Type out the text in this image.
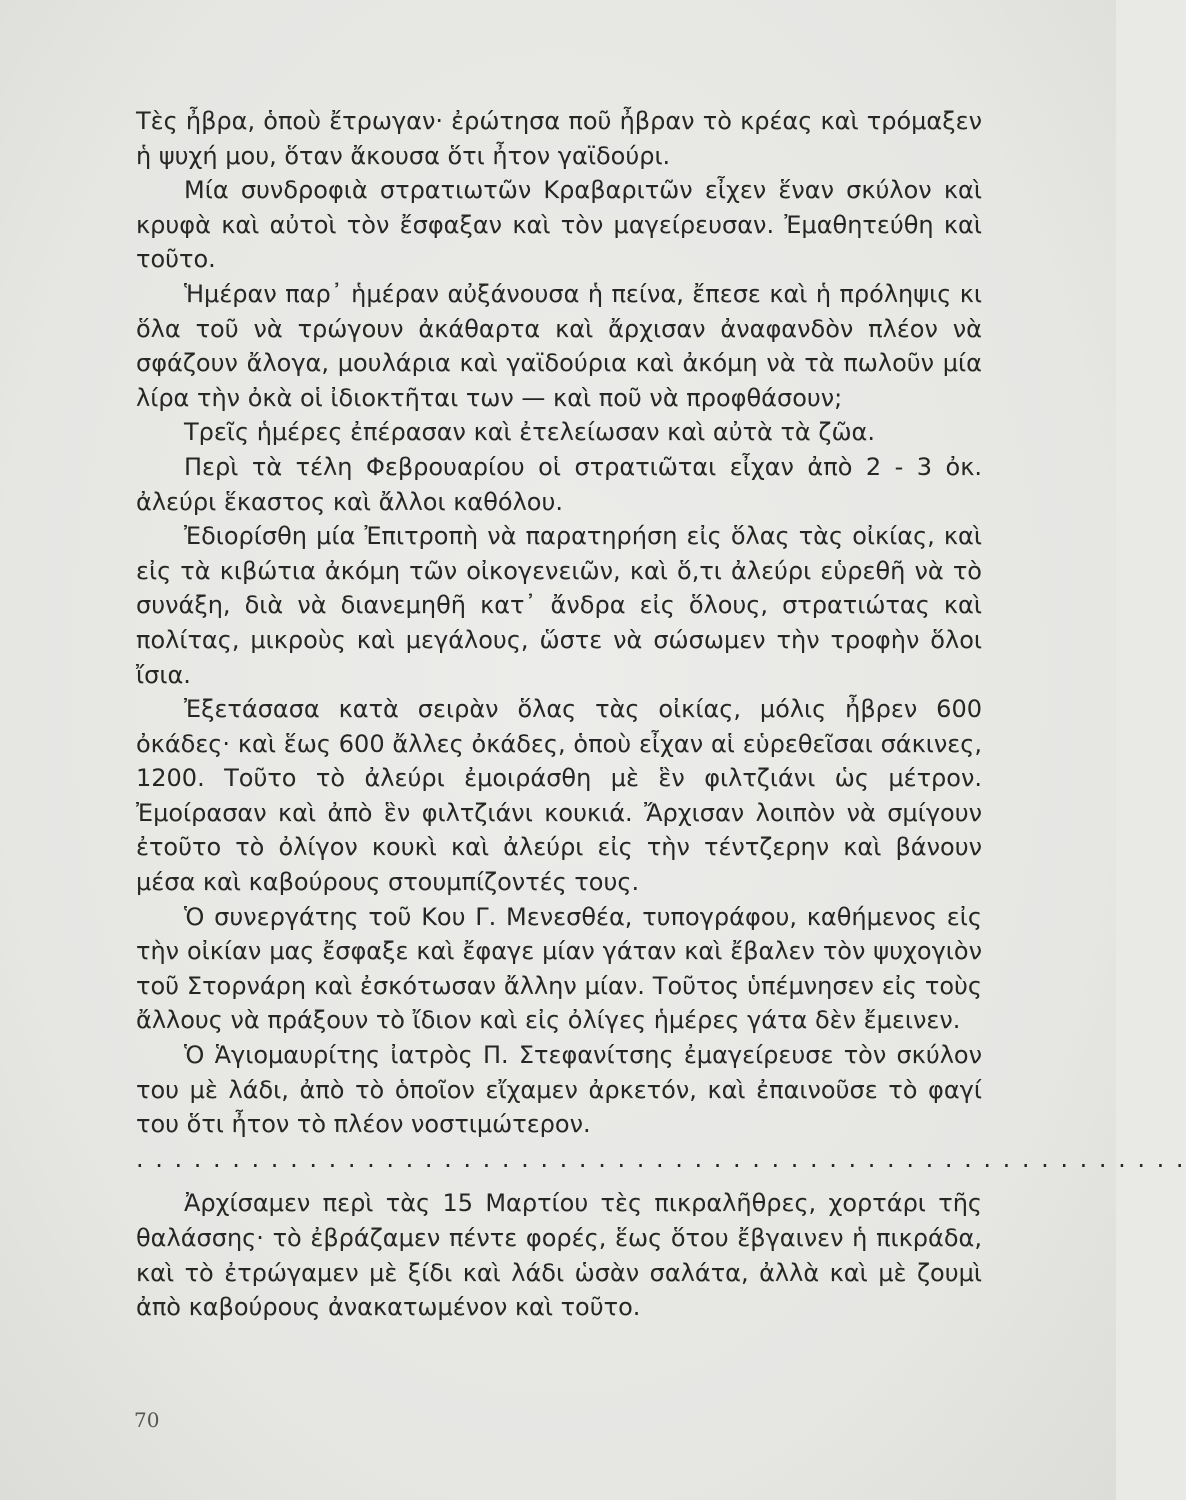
Τὲς ἦβρα, ὁποὺ ἔτρωγαν· ἐρώτησα ποῦ ἦβραν τὸ κρέας καὶ τρόμαξεν ἡ ψυχή μου, ὅταν ἄκουσα ὅτι ἦτον γαϊδούρι.

Μία συνδροφιὰ στρατιωτῶν Κραβαριτῶν εἶχεν ἕναν σκύλον καὶ κρυφὰ καὶ αὐτοὶ τὸν ἔσφαξαν καὶ τὸν μαγείρευσαν. Ἐμαθητεύθη καὶ τοῦτο.

Ἡμέραν παρ᾽ ἡμέραν αὐξάνουσα ἡ πείνα, ἔπεσε καὶ ἡ πρόληψις κι ὅλα τοῦ νὰ τρώγουν ἀκάθαρτα καὶ ἄρχισαν ἀναφανδὸν πλέον νὰ σφάζουν ἄλογα, μουλάρια καὶ γαϊδούρια καὶ ἀκόμη νὰ τὰ πωλοῦν μία λίρα τὴν ὀκὰ οἱ ἰδιοκτῆται των — καὶ ποῦ νὰ προφθάσουν;

Τρεῖς ἡμέρες ἐπέρασαν καὶ ἐτελείωσαν καὶ αὐτὰ τὰ ζῶα.

Περὶ τὰ τέλη Φεβρουαρίου οἱ στρατιῶται εἶχαν ἀπὸ 2 - 3 ὀκ. ἀλεύρι ἕκαστος καὶ ἄλλοι καθόλου.

Ἐδιορίσθη μία Ἐπιτροπὴ νὰ παρατηρήση εἰς ὅλας τὰς οἰκίας, καὶ εἰς τὰ κιβώτια ἀκόμη τῶν οἰκογενειῶν, καὶ ὅ,τι ἀλεύρι εὑρεθῆ νὰ τὸ συνάξη, διὰ νὰ διανεμηθῆ κατ᾽ ἄνδρα εἰς ὅλους, στρατιώτας καὶ πολίτας, μικροὺς καὶ μεγάλους, ὥστε νὰ σώσωμεν τὴν τροφὴν ὅλοι ἴσια.

Ἐξετάσασα κατὰ σειρὰν ὅλας τὰς οἰκίας, μόλις ἦβρεν 600 ὀκάδες· καὶ ἕως 600 ἄλλες ὀκάδες, ὁποὺ εἶχαν αἱ εὑρεθεῖσαι σάκινες, 1200. Τοῦτο τὸ ἀλεύρι ἐμοιράσθη μὲ ἓν φιλτζιάνι ὡς μέτρον. Ἐμοίρασαν καὶ ἀπὸ ἓν φιλτζιάνι κουκιά. Ἄρχισαν λοιπὸν νὰ σμίγουν ἐτοῦτο τὸ ὀλίγον κουκὶ καὶ ἀλεύρι εἰς τὴν τέντζερην καὶ βάνουν μέσα καὶ καβούρους στουμπίζοντές τους.

Ὁ συνεργάτης τοῦ Κου Γ. Μενεσθέα, τυπογράφου, καθήμενος εἰς τὴν οἰκίαν μας ἔσφαξε καὶ ἔφαγε μίαν γάταν καὶ ἔβαλεν τὸν ψυχογιὸν τοῦ Στορνάρη καὶ ἐσκότωσαν ἄλλην μίαν. Τοῦτος ὑπέμνησεν εἰς τοὺς ἄλλους νὰ πράξουν τὸ ἴδιον καὶ εἰς ὀλίγες ἡμέρες γάτα δὲν ἔμεινεν.

Ὁ Ἁγιομαυρίτης ἰατρὸς Π. Στεφανίτσης ἐμαγείρευσε τὸν σκύλον του μὲ λάδι, ἀπὸ τὸ ὁποῖον εἴχαμεν ἀρκετόν, καὶ ἐπαινοῦσε τὸ φαγί του ὅτι ἦτον τὸ πλέον νοστιμώτερον.

. . . . . . . . . . . . . . . . . . . . . . . . . . . . . . . . . . . . . . . . . . . . . . . . . . . . . . .

Ἀρχίσαμεν περὶ τὰς 15 Μαρτίου τὲς πικραλῆθρες, χορτάρι τῆς θαλάσσης· τὸ ἐβράζαμεν πέντε φορές, ἕως ὅτου ἔβγαινεν ἡ πικράδα, καὶ τὸ ἐτρώγαμεν μὲ ξίδι καὶ λάδι ὡσὰν σαλάτα, ἀλλὰ καὶ μὲ ζουμὶ ἀπὸ καβούρους ἀνακατωμένον καὶ τοῦτο.

70
